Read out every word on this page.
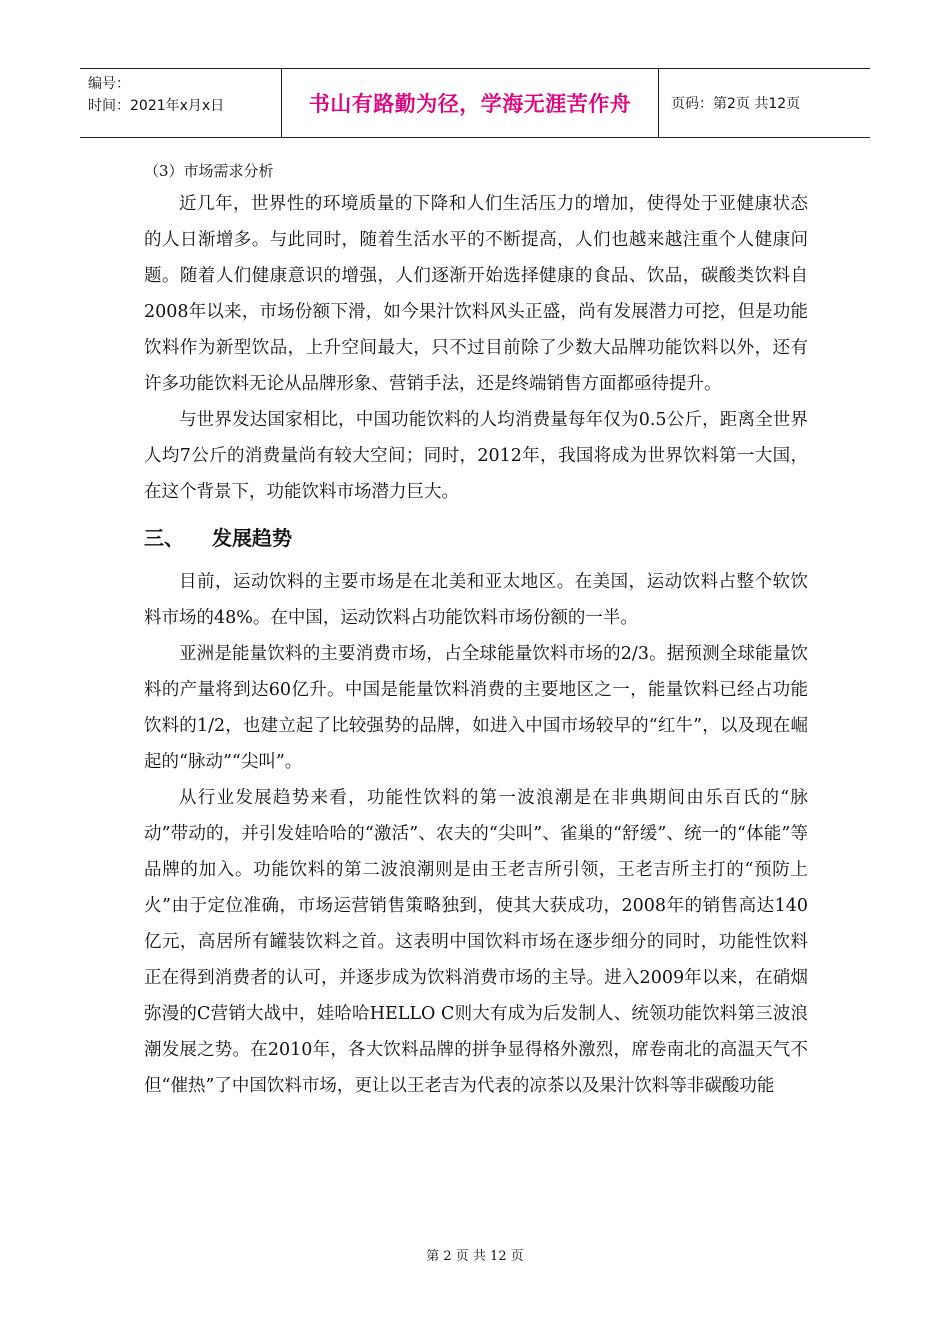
编号：
时间：2021年x月x日	书山有路勤为径，学海无涯苦作舟	页码：第2页 共12页
（3）市场需求分析

近几年，世界性的环境质量的下降和人们生活压力的增加，使得处于亚健康状态的人日渐增多。与此同时，随着生活水平的不断提高，人们也越来越注重个人健康问题。随着人们健康意识的增强，人们逐渐开始选择健康的食品、饮品，碳酸类饮料自2008年以来，市场份额下滑，如今果汁饮料风头正盛，尚有发展潜力可挖，但是功能饮料作为新型饮品，上升空间最大，只不过目前除了少数大品牌功能饮料以外，还有许多功能饮料无论从品牌形象、营销手法，还是终端销售方面都亟待提升。

与世界发达国家相比，中国功能饮料的人均消费量每年仅为0.5公斤，距离全世界人均7公斤的消费量尚有较大空间；同时，2012年，我国将成为世界饮料第一大国，在这个背景下，功能饮料市场潜力巨大。

三、 发展趋势

目前，运动饮料的主要市场是在北美和亚太地区。在美国，运动饮料占整个软饮料市场的48%。在中国，运动饮料占功能饮料市场份额的一半。

亚洲是能量饮料的主要消费市场，占全球能量饮料市场的2/3。据预测全球能量饮料的产量将到达60亿升。中国是能量饮料消费的主要地区之一，能量饮料已经占功能饮料的1/2，也建立起了比较强势的品牌，如进入中国市场较早的“红牛”，以及现在崛起的“脉动”“尖叫”。

从行业发展趋势来看，功能性饮料的第一波浪潮是在非典期间由乐百氏的“脉动”带动的，并引发娃哈哈的“激活”、农夫的“尖叫”、雀巢的“舒缓”、统一的“体能”等品牌的加入。功能饮料的第二波浪潮则是由王老吉所引领，王老吉所主打的“预防上火”由于定位准确，市场运营销售策略独到，使其大获成功，2008年的销售高达140亿元，高居所有罐装饮料之首。这表明中国饮料市场在逐步细分的同时，功能性饮料正在得到消费者的认可，并逐步成为饮料消费市场的主导。进入2009年以来，在硝烟弥漫的C营销大战中，娃哈哈HELLO C则大有成为后发制人、统领功能饮料第三波浪潮发展之势。在2010年，各大饮料品牌的拼争显得格外激烈，席卷南北的高温天气不但“催热”了中国饮料市场，更让以王老吉为代表的凉茶以及果汁饮料等非碳酸功能

第 2 页 共 12 页
